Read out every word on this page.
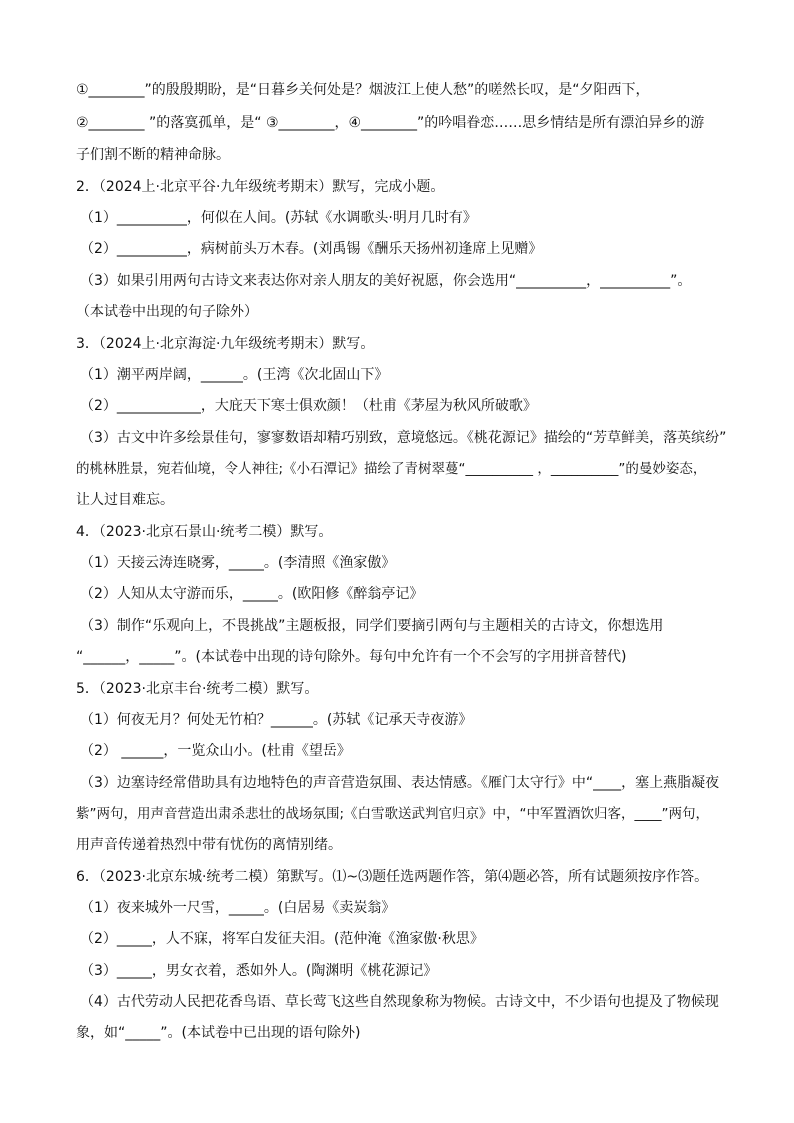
①________”的殷殷期盼，是“日暮乡关何处是？烟波江上使人愁”的嗟然长叹，是“夕阳西下，
②________ ”的落寞孤单，是“ ③________，④________”的吟唱眷恋……思乡情结是所有漂泊异乡的游
子们割不断的精神命脉。
2．（2024上·北京平谷·九年级统考期末）默写，完成小题。
（1）__________，何似在人间。(苏轼《水调歌头·明月几时有》
（2）__________，病树前头万木春。(刘禹锡《酬乐天扬州初逢席上见赠》
（3）如果引用两句古诗文来表达你对亲人朋友的美好祝愿，你会选用“__________，__________”。
（本试卷中出现的句子除外）
3．（2024上·北京海淀·九年级统考期末）默写。
（1）潮平两岸阔，______。(王湾《次北固山下》
（2）____________，大庇天下寒士俱欢颜！（杜甫《茅屋为秋风所破歌》
（3）古文中许多绘景佳句，寥寥数语却精巧别致，意境悠远。《桃花源记》描绘的“芳草鲜美，落英缤纷”
的桃林胜景，宛若仙境，令人神往;《小石潭记》描绘了青树翠蔓“__________ ，__________”的曼妙姿态，
让人过目难忘。
4．（2023·北京石景山·统考二模）默写。
（1）天接云涛连晓雾，_____。(李清照《渔家傲》
（2）人知从太守游而乐，_____。(欧阳修《醉翁亭记》
（3）制作“乐观向上，不畏挑战”主题板报，同学们要摘引两句与主题相关的古诗文，你想选用
“______，_____”。(本试卷中出现的诗句除外。每句中允许有一个不会写的字用拼音替代)
5．（2023·北京丰台·统考二模）默写。
（1）何夜无月？何处无竹柏？______。(苏轼《记承天寺夜游》
（2） ______，一览众山小。(杜甫《望岳》
（3）边塞诗经常借助具有边地特色的声音营造氛围、表达情感。《雁门太守行》中“____，塞上燕脂凝夜
紫”两句，用声音营造出肃杀悲壮的战场氛围;《白雪歌送武判官归京》中，“中军置酒饮归客，____”两句，
用声音传递着热烈中带有忧伤的离情别绪。
6．（2023·北京东城·统考二模）第默写。⑴~⑶题任选两题作答，第⑷题必答，所有试题须按序作答。
（1）夜来城外一尺雪，_____。(白居易《卖炭翁》
（2）_____，人不寐，将军白发征夫泪。(范仲淹《渔家傲·秋思》
（3）_____，男女衣着，悉如外人。(陶渊明《桃花源记》
（4）古代劳动人民把花香鸟语、草长莺飞这些自然现象称为物候。古诗文中，不少语句也提及了物候现
象，如“_____”。(本试卷中已出现的语句除外)
